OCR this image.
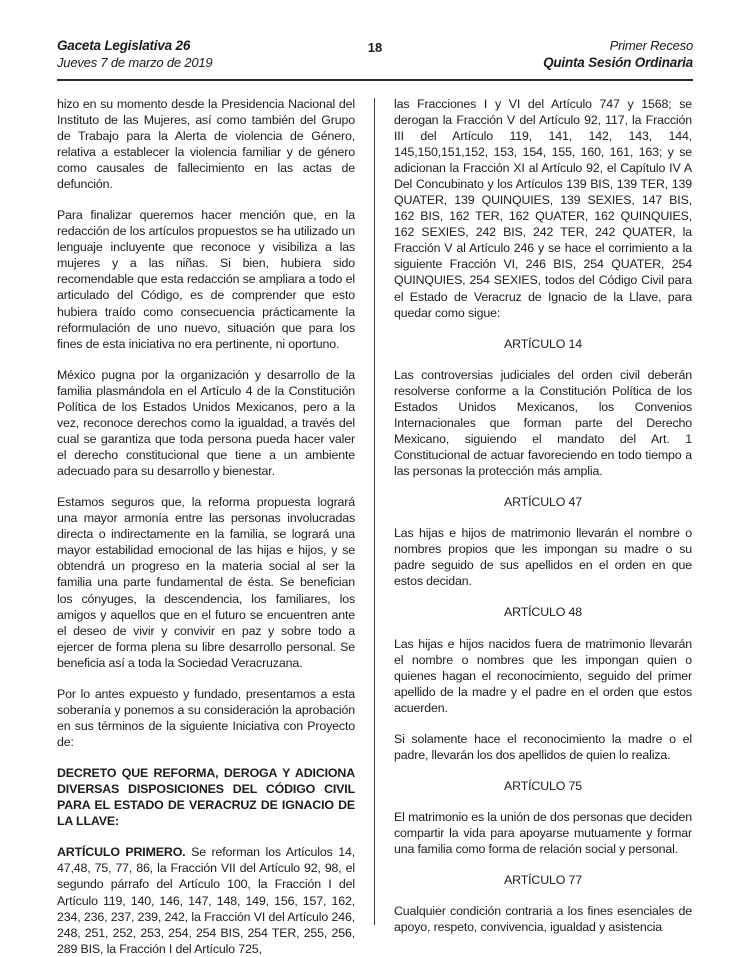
Gaceta Legislativa 26
Jueves 7 de marzo de 2019
18	Primer Receso
Quinta Sesión Ordinaria

hizo en su momento desde la Presidencia Nacional del Instituto de las Mujeres, así como también del Grupo de Trabajo para la Alerta de violencia de Género, relativa a establecer la violencia familiar y de género como causales de fallecimiento en las actas de defunción.

Para finalizar queremos hacer mención que, en la redacción de los artículos propuestos se ha utilizado un lenguaje incluyente que reconoce y visibiliza a las mujeres y a las niñas. Si bien, hubiera sido recomendable que esta redacción se ampliara a todo el articulado del Código, es de comprender que esto hubiera traído como consecuencia prácticamente la reformulación de uno nuevo, situación que para los fines de esta iniciativa no era pertinente, ni oportuno.

México pugna por la organización y desarrollo de la familia plasmándola en el Artículo 4 de la Constitución Política de los Estados Unidos Mexicanos, pero a la vez, reconoce derechos como la igualdad, a través del cual se garantiza que toda persona pueda hacer valer el derecho constitucional que tiene a un ambiente adecuado para su desarrollo y bienestar.

Estamos seguros que, la reforma propuesta logrará una mayor armonía entre las personas involucradas directa o indirectamente en la familia, se logrará una mayor estabilidad emocional de las hijas e hijos, y se obtendrá un progreso en la materia social al ser la familia una parte fundamental de ésta. Se benefician los cónyuges, la descendencia, los familiares, los amigos y aquellos que en el futuro se encuentren ante el deseo de vivir y convivir en paz y sobre todo a ejercer de forma plena su libre desarrollo personal. Se beneficia así a toda la Sociedad Veracruzana.

Por lo antes expuesto y fundado, presentamos a esta soberanía y ponemos a su consideración la aprobación en sus términos de la siguiente Iniciativa con Proyecto de:

DECRETO QUE REFORMA, DEROGA Y ADICIONA DIVERSAS DISPOSICIONES DEL CÓDIGO CIVIL PARA EL ESTADO DE VERACRUZ DE IGNACIO DE LA LLAVE:

ARTÍCULO PRIMERO. Se reforman los Artículos 14, 47,48, 75, 77, 86, la Fracción VII del Artículo 92, 98, el segundo párrafo del Artículo 100, la Fracción I del Artículo 119, 140, 146, 147, 148, 149, 156, 157, 162, 234, 236, 237, 239, 242, la Fracción VI del Artículo 246, 248, 251, 252, 253, 254, 254 BIS, 254 TER, 255, 256, 289 BIS, la Fracción I del Artículo 725,

las Fracciones I y VI del Artículo 747 y 1568; se derogan la Fracción V del Artículo 92, 117, la Fracción III del Artículo 119, 141, 142, 143, 144, 145,150,151,152, 153, 154, 155, 160, 161, 163; y se adicionan la Fracción XI al Artículo 92, el Capítulo IV A Del Concubinato y los Artículos 139 BIS, 139 TER, 139 QUATER, 139 QUINQUIES, 139 SEXIES, 147 BIS, 162 BIS, 162 TER, 162 QUATER, 162 QUINQUIES, 162 SEXIES, 242 BIS, 242 TER, 242 QUATER, la Fracción V al Artículo 246 y se hace el corrimiento a la siguiente Fracción VI, 246 BIS, 254 QUATER, 254 QUINQUIES, 254 SEXIES, todos del Código Civil para el Estado de Veracruz de Ignacio de la Llave, para quedar como sigue:

ARTÍCULO 14

Las controversias judiciales del orden civil deberán resolverse conforme a la Constitución Política de los Estados Unidos Mexicanos, los Convenios Internacionales que forman parte del Derecho Mexicano, siguiendo el mandato del Art. 1 Constitucional de actuar favoreciendo en todo tiempo a las personas la protección más amplia.

ARTÍCULO 47

Las hijas e hijos de matrimonio llevarán el nombre o nombres propios que les impongan su madre o su padre seguido de sus apellidos en el orden en que estos decidan.

ARTÍCULO 48

Las hijas e hijos nacidos fuera de matrimonio llevarán el nombre o nombres que les impongan quien o quienes hagan el reconocimiento, seguido del primer apellido de la madre y el padre en el orden que estos acuerden.

Si solamente hace el reconocimiento la madre o el padre, llevarán los dos apellidos de quien lo realiza.

ARTÍCULO 75

El matrimonio es la unión de dos personas que deciden compartir la vida para apoyarse mutuamente y formar una familia como forma de relación social y personal.

ARTÍCULO 77

Cualquier condición contraria a los fines esenciales de apoyo, respeto, convivencia, igualdad y asistencia
